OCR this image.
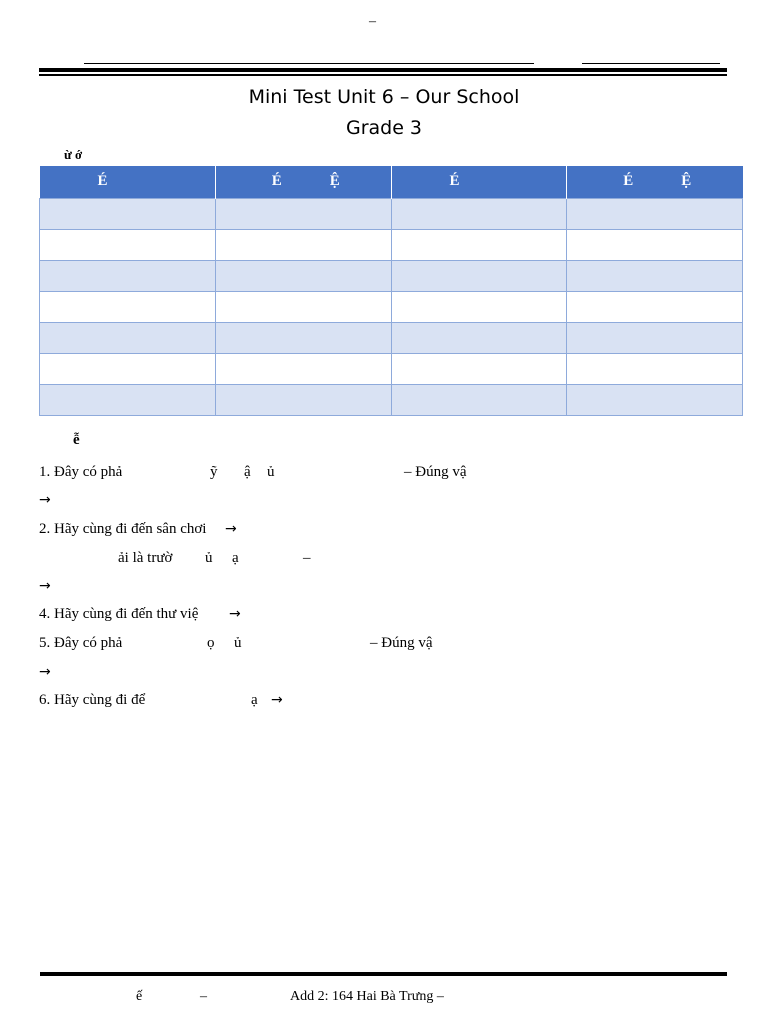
–
Mini Test Unit 6 – Our School
Grade 3
ừ ớ
É	É Ệ	É	É Ệ

ễ
1. Đây có phả	ỹ ậ ủ	– Đúng vậ
→
2. Hãy cùng đi đến sân chơi →
ải là trườ ủ ạ	–
→
4. Hãy cùng đi đến thư việ →
5. Đây có phả	ọ ủ	– Đúng vậ
→
6. Hãy cùng đi để	ạ →
ế	–	Add 2: 164 Hai Bà Trưng –
